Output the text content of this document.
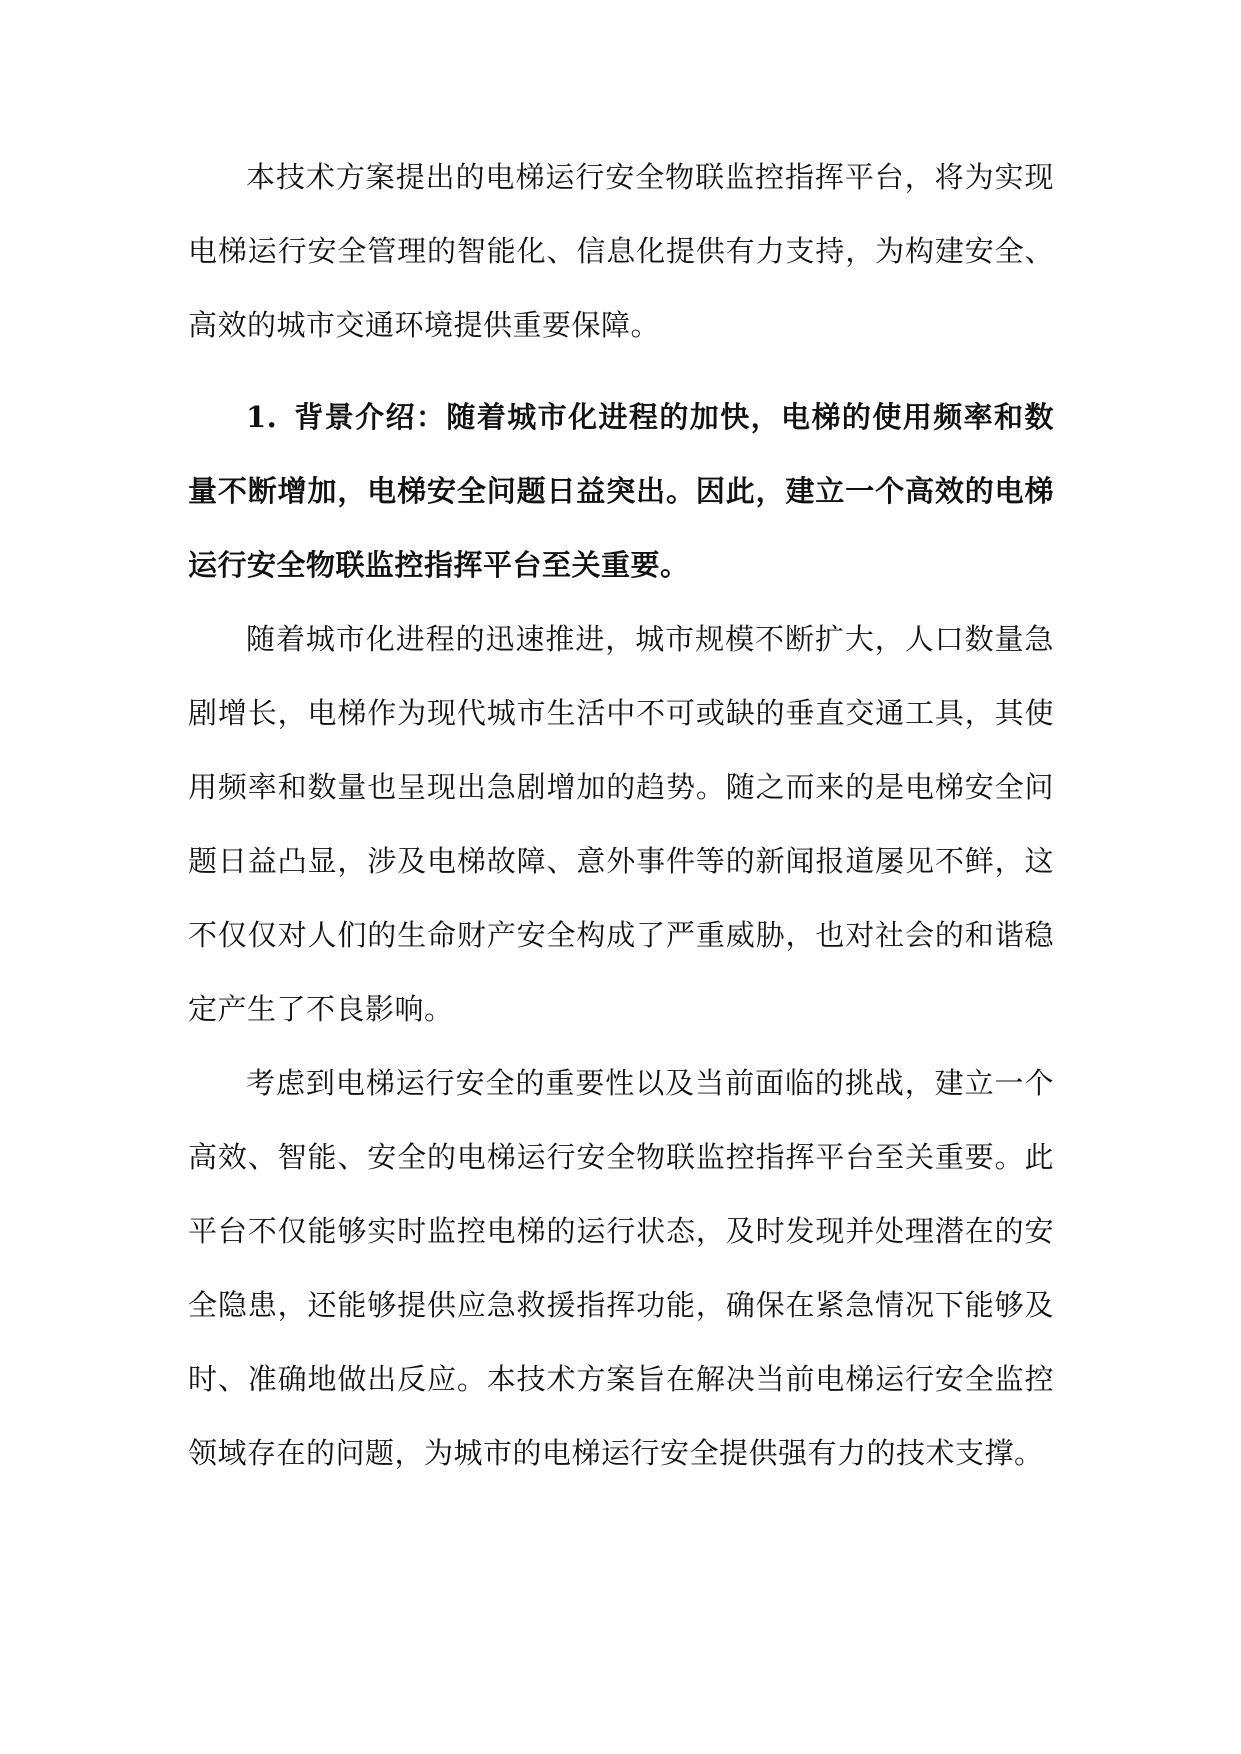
本技术方案提出的电梯运行安全物联监控指挥平台，将为实现电梯运行安全管理的智能化、信息化提供有力支持，为构建安全、高效的城市交通环境提供重要保障。

1. 背景介绍：随着城市化进程的加快，电梯的使用频率和数量不断增加，电梯安全问题日益突出。因此，建立一个高效的电梯运行安全物联监控指挥平台至关重要。

随着城市化进程的迅速推进，城市规模不断扩大，人口数量急剧增长，电梯作为现代城市生活中不可或缺的垂直交通工具，其使用频率和数量也呈现出急剧增加的趋势。随之而来的是电梯安全问题日益凸显，涉及电梯故障、意外事件等的新闻报道屡见不鲜，这不仅仅对人们的生命财产安全构成了严重威胁，也对社会的和谐稳定产生了不良影响。

考虑到电梯运行安全的重要性以及当前面临的挑战，建立一个高效、智能、安全的电梯运行安全物联监控指挥平台至关重要。此平台不仅能够实时监控电梯的运行状态，及时发现并处理潜在的安全隐患，还能够提供应急救援指挥功能，确保在紧急情况下能够及时、准确地做出反应。本技术方案旨在解决当前电梯运行安全监控领域存在的问题，为城市的电梯运行安全提供强有力的技术支撑。
